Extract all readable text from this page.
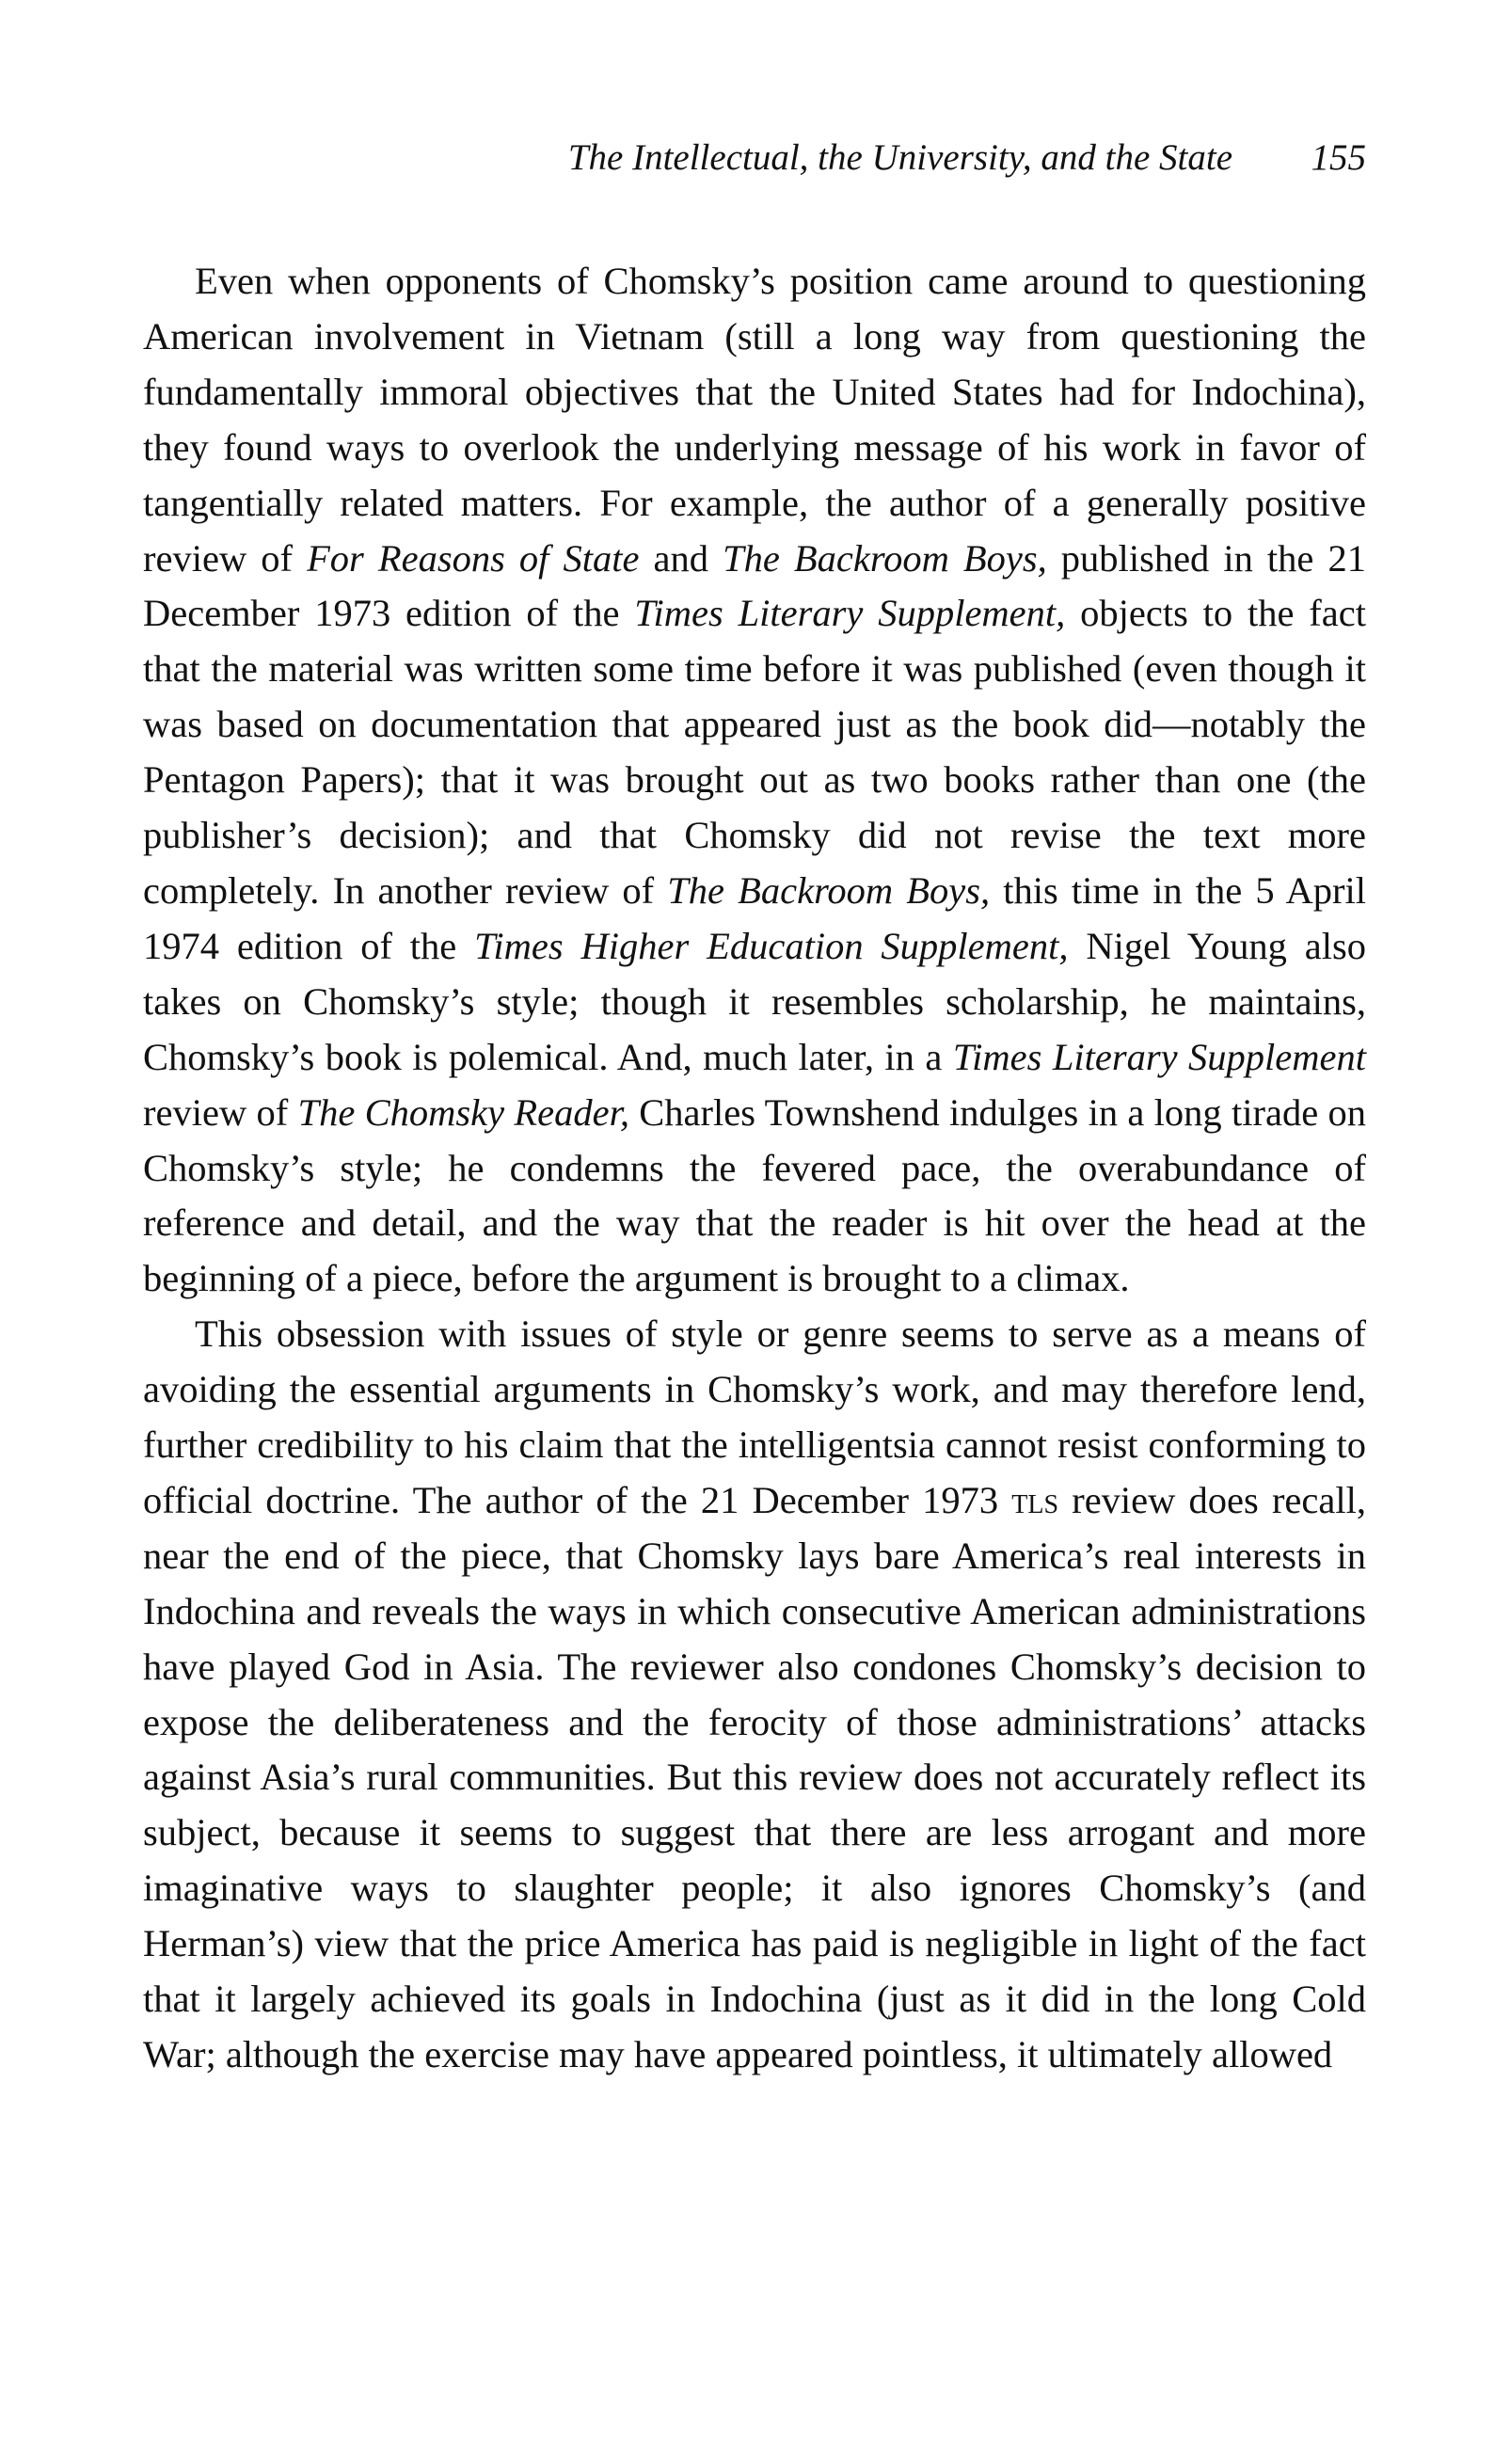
The Intellectual, the University, and the State 155

Even when opponents of Chomsky’s position came around to questioning American involvement in Vietnam (still a long way from questioning the fundamentally immoral objectives that the United States had for Indochina), they found ways to overlook the underlying message of his work in favor of tangentially related matters. For example, the author of a generally positive review of For Reasons of State and The Backroom Boys, published in the 21 December 1973 edition of the Times Literary Supplement, objects to the fact that the material was written some time before it was published (even though it was based on documentation that appeared just as the book did—notably the Pentagon Papers); that it was brought out as two books rather than one (the publisher’s decision); and that Chomsky did not revise the text more completely. In another review of The Backroom Boys, this time in the 5 April 1974 edition of the Times Higher Education Supplement, Nigel Young also takes on Chomsky’s style; though it resembles scholarship, he maintains, Chomsky’s book is polemical. And, much later, in a Times Literary Supplement review of The Chomsky Reader, Charles Townshend indulges in a long tirade on Chomsky’s style; he condemns the fevered pace, the overabundance of reference and detail, and the way that the reader is hit over the head at the beginning of a piece, before the argument is brought to a climax.

This obsession with issues of style or genre seems to serve as a means of avoiding the essential arguments in Chomsky’s work, and may therefore lend, further credibility to his claim that the intelligentsia cannot resist conforming to official doctrine. The author of the 21 December 1973 tls review does recall, near the end of the piece, that Chomsky lays bare America’s real interests in Indochina and reveals the ways in which consecutive American administrations have played God in Asia. The reviewer also condones Chomsky’s decision to expose the deliberateness and the ferocity of those administrations’ attacks against Asia’s rural communities. But this review does not accurately reflect its subject, because it seems to suggest that there are less arrogant and more imaginative ways to slaughter people; it also ignores Chomsky’s (and Herman’s) view that the price America has paid is negligible in light of the fact that it largely achieved its goals in Indochina (just as it did in the long Cold War; although the exercise may have appeared pointless, it ultimately allowed
